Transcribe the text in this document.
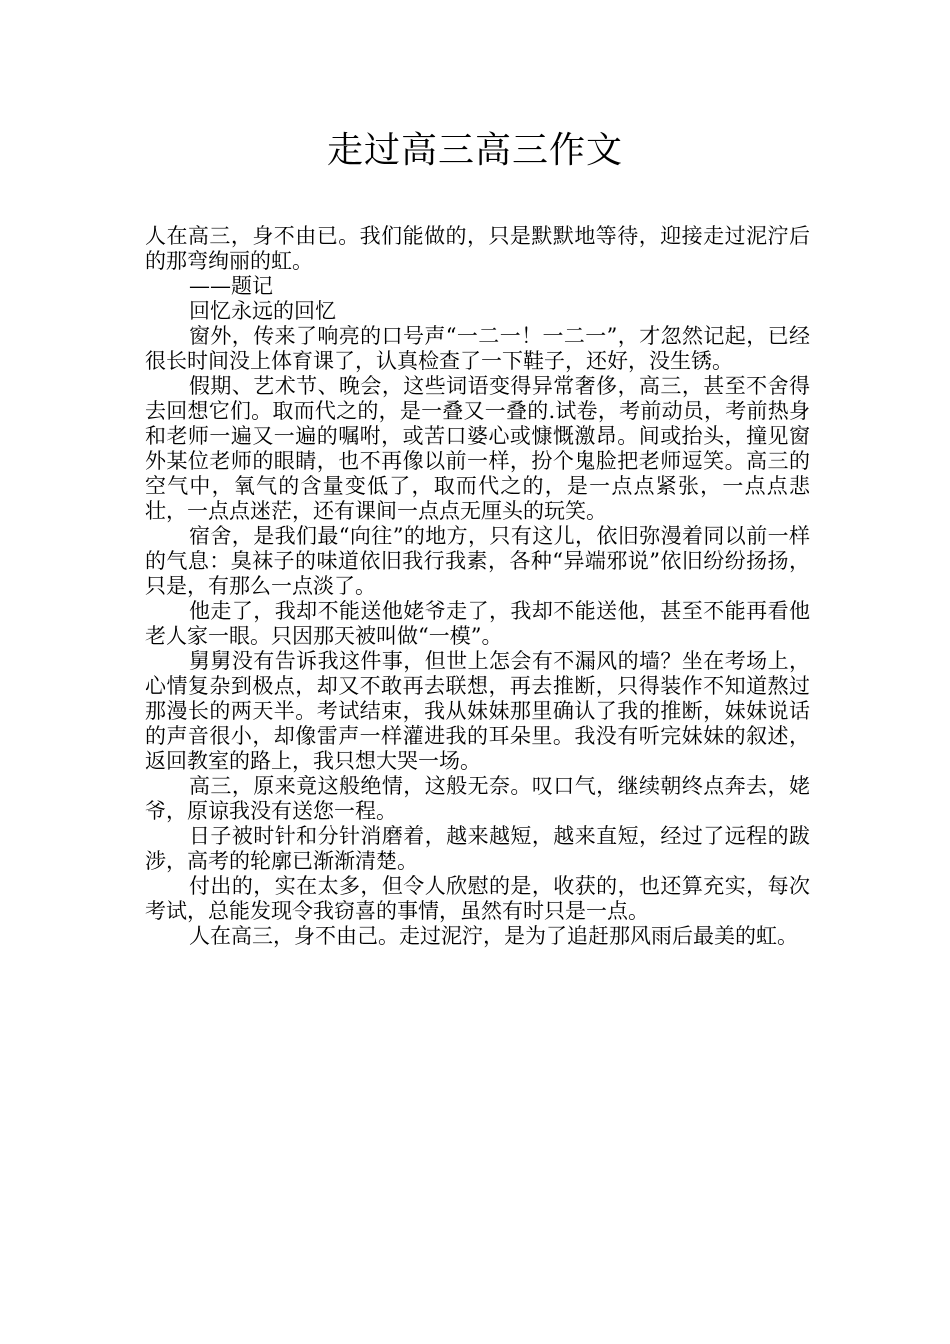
走过高三高三作文

人在高三，身不由已。我们能做的，只是默默地等待，迎接走过泥泞后的那弯绚丽的虹。

——题记

回忆永远的回忆

窗外，传来了响亮的口号声“一二一！一二一”，才忽然记起，已经很长时间没上体育课了，认真检查了一下鞋子，还好，没生锈。

假期、艺术节、晚会，这些词语变得异常奢侈，高三，甚至不舍得去回想它们。取而代之的，是一叠又一叠的.试卷，考前动员，考前热身和老师一遍又一遍的嘱咐，或苦口婆心或慷慨激昂。间或抬头，撞见窗外某位老师的眼睛，也不再像以前一样，扮个鬼脸把老师逗笑。高三的空气中，氧气的含量变低了，取而代之的，是一点点紧张，一点点悲壮，一点点迷茫，还有课间一点点无厘头的玩笑。

宿舍，是我们最“向往”的地方，只有这儿，依旧弥漫着同以前一样的气息：臭袜子的味道依旧我行我素，各种“异端邪说”依旧纷纷扬扬，只是，有那么一点淡了。

他走了，我却不能送他姥爷走了，我却不能送他，甚至不能再看他老人家一眼。只因那天被叫做“一模”。

舅舅没有告诉我这件事，但世上怎会有不漏风的墙？坐在考场上，心情复杂到极点，却又不敢再去联想，再去推断，只得装作不知道熬过那漫长的两天半。考试结束，我从妹妹那里确认了我的推断，妹妹说话的声音很小，却像雷声一样灌进我的耳朵里。我没有听完妹妹的叙述，返回教室的路上，我只想大哭一场。

高三，原来竟这般绝情，这般无奈。叹口气，继续朝终点奔去，姥爷，原谅我没有送您一程。

日子被时针和分针消磨着，越来越短，越来直短，经过了远程的跋涉，高考的轮廓已渐渐清楚。

付出的，实在太多，但令人欣慰的是，收获的，也还算充实，每次考试，总能发现令我窃喜的事情，虽然有时只是一点。

人在高三，身不由己。走过泥泞，是为了追赶那风雨后最美的虹。
